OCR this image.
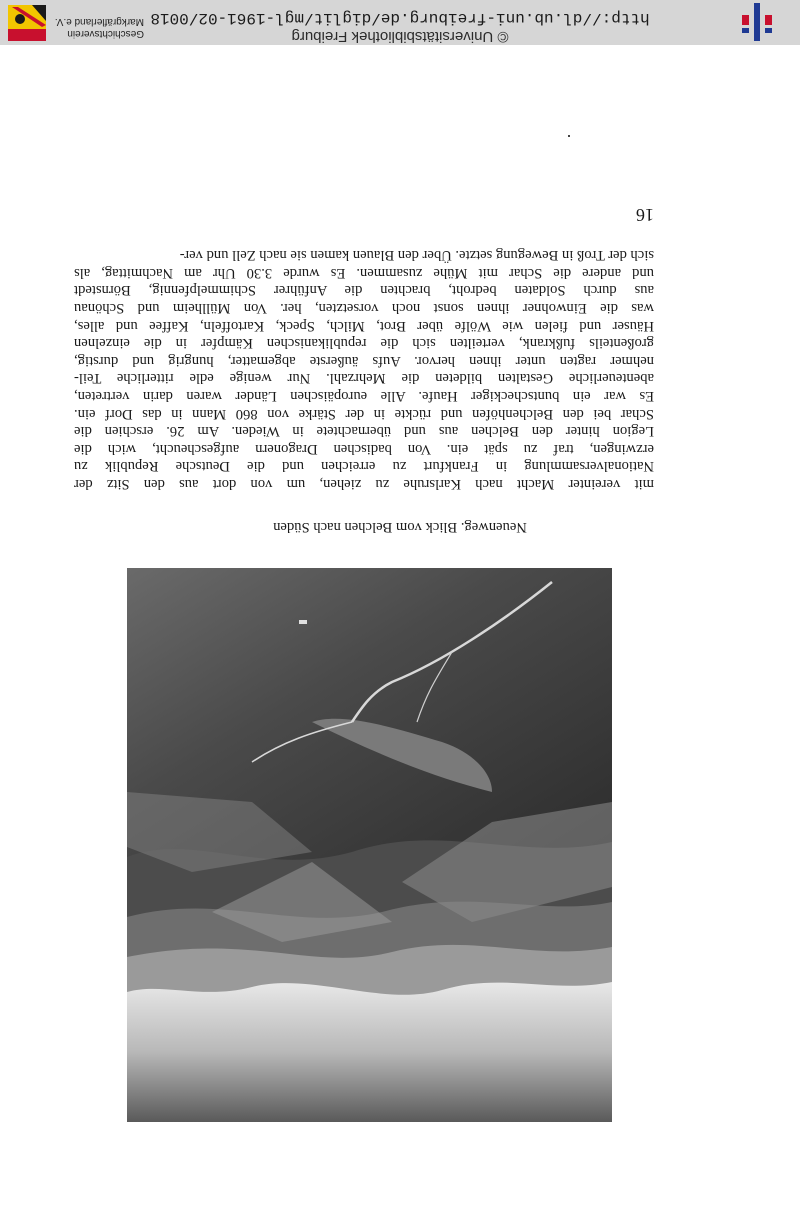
© Universitätsbibliothek Freiburg
http://dl.ub.uni-freiburg.de/diglit/mgl-1961-02/0018
Geschichtsverein
Markgräflerland e.V.
16
mit vereinter Macht nach Karlsruhe zu ziehen, um von dort aus den Sitz der
Nationalversammlung in Frankfurt zu erreichen und die Deutsche Republik zu
erzwingen, traf zu spät ein. Von badischen Dragonern aufgescheucht, wich die
Legion hinter den Belchen aus und übernachtete in Wieden. Am 26. erschien die
Schar bei den Belchenhöfen und rückte in der Stärke von 860 Mann in das Dorf ein.
Es war ein buntscheckiger Haufe. Alle europäischen Länder waren darin vertreten,
abenteuerliche Gestalten bildeten die Mehrzahl. Nur wenige edle ritterliche Teil-
nehmer ragten unter ihnen hervor. Aufs äußerste abgematter, hungrig und durstig,
großenteils fußkrank, verteilten sich die republikanischen Kämpfer in die einzelnen
Häuser und fielen wie Wölfe über Brot, Milch, Speck, Kartoffeln, Kaffee und alles,
was die Einwohner ihnen sonst noch vorsetzten, her. Von Müllheim und Schönau
aus durch Soldaten bedroht, brachten die Anführer Schimmelpfennig, Börnstedt
und andere die Schar mit Mühe zusammen. Es wurde 3.30 Uhr am Nachmittag, als
sich der Troß in Bewegung setzte. Über den Blauen kamen sie nach Zell und ver-
Neuenweg. Blick vom Belchen nach Süden
